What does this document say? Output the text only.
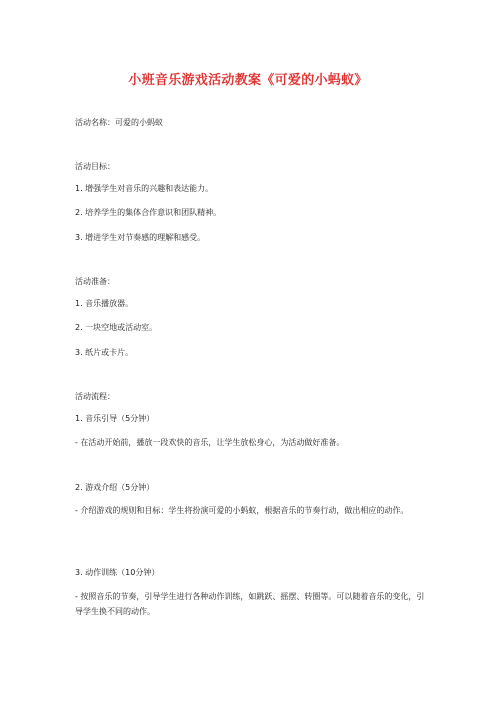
小班音乐游戏活动教案《可爱的小蚂蚁》

活动名称：可爱的小蚂蚁

活动目标：

1. 增强学生对音乐的兴趣和表达能力。

2. 培养学生的集体合作意识和团队精神。

3. 增进学生对节奏感的理解和感受。

活动准备：

1. 音乐播放器。

2. 一块空地或活动室。

3. 纸片或卡片。

活动流程：

1. 音乐引导（5分钟）

- 在活动开始前，播放一段欢快的音乐，让学生放松身心，为活动做好准备。

2. 游戏介绍（5分钟）

- 介绍游戏的规则和目标：学生将扮演可爱的小蚂蚁，根据音乐的节奏行动，做出相应的动作。

3. 动作训练（10分钟）

- 按照音乐的节奏，引导学生进行各种动作训练，如跳跃、摇摆、转圈等。可以随着音乐的变化，引导学生换不同的动作。
